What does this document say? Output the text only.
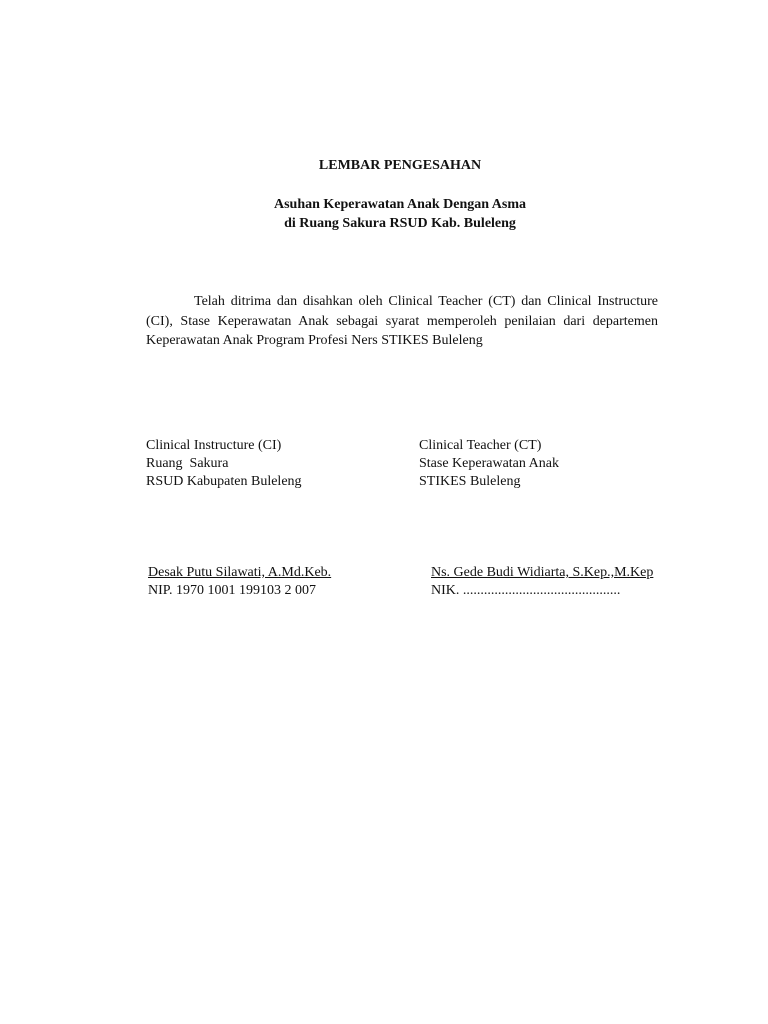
LEMBAR PENGESAHAN
Asuhan Keperawatan Anak Dengan Asma
di Ruang Sakura RSUD Kab. Buleleng

Telah ditrima dan disahkan oleh Clinical Teacher (CT) dan Clinical Instructure (CI), Stase Keperawatan Anak sebagai syarat memperoleh penilaian dari departemen Keperawatan Anak Program Profesi Ners STIKES Buleleng

Clinical Instructure (CI)
Ruang  Sakura
RSUD Kabupaten Buleleng
Clinical Teacher (CT)
Stase Keperawatan Anak
STIKES Buleleng
Desak Putu Silawati, A.Md.Keb.
NIP. 1970 1001 199103 2 007
Ns. Gede Budi Widiarta, S.Kep.,M.Kep
NIK. .............................................
